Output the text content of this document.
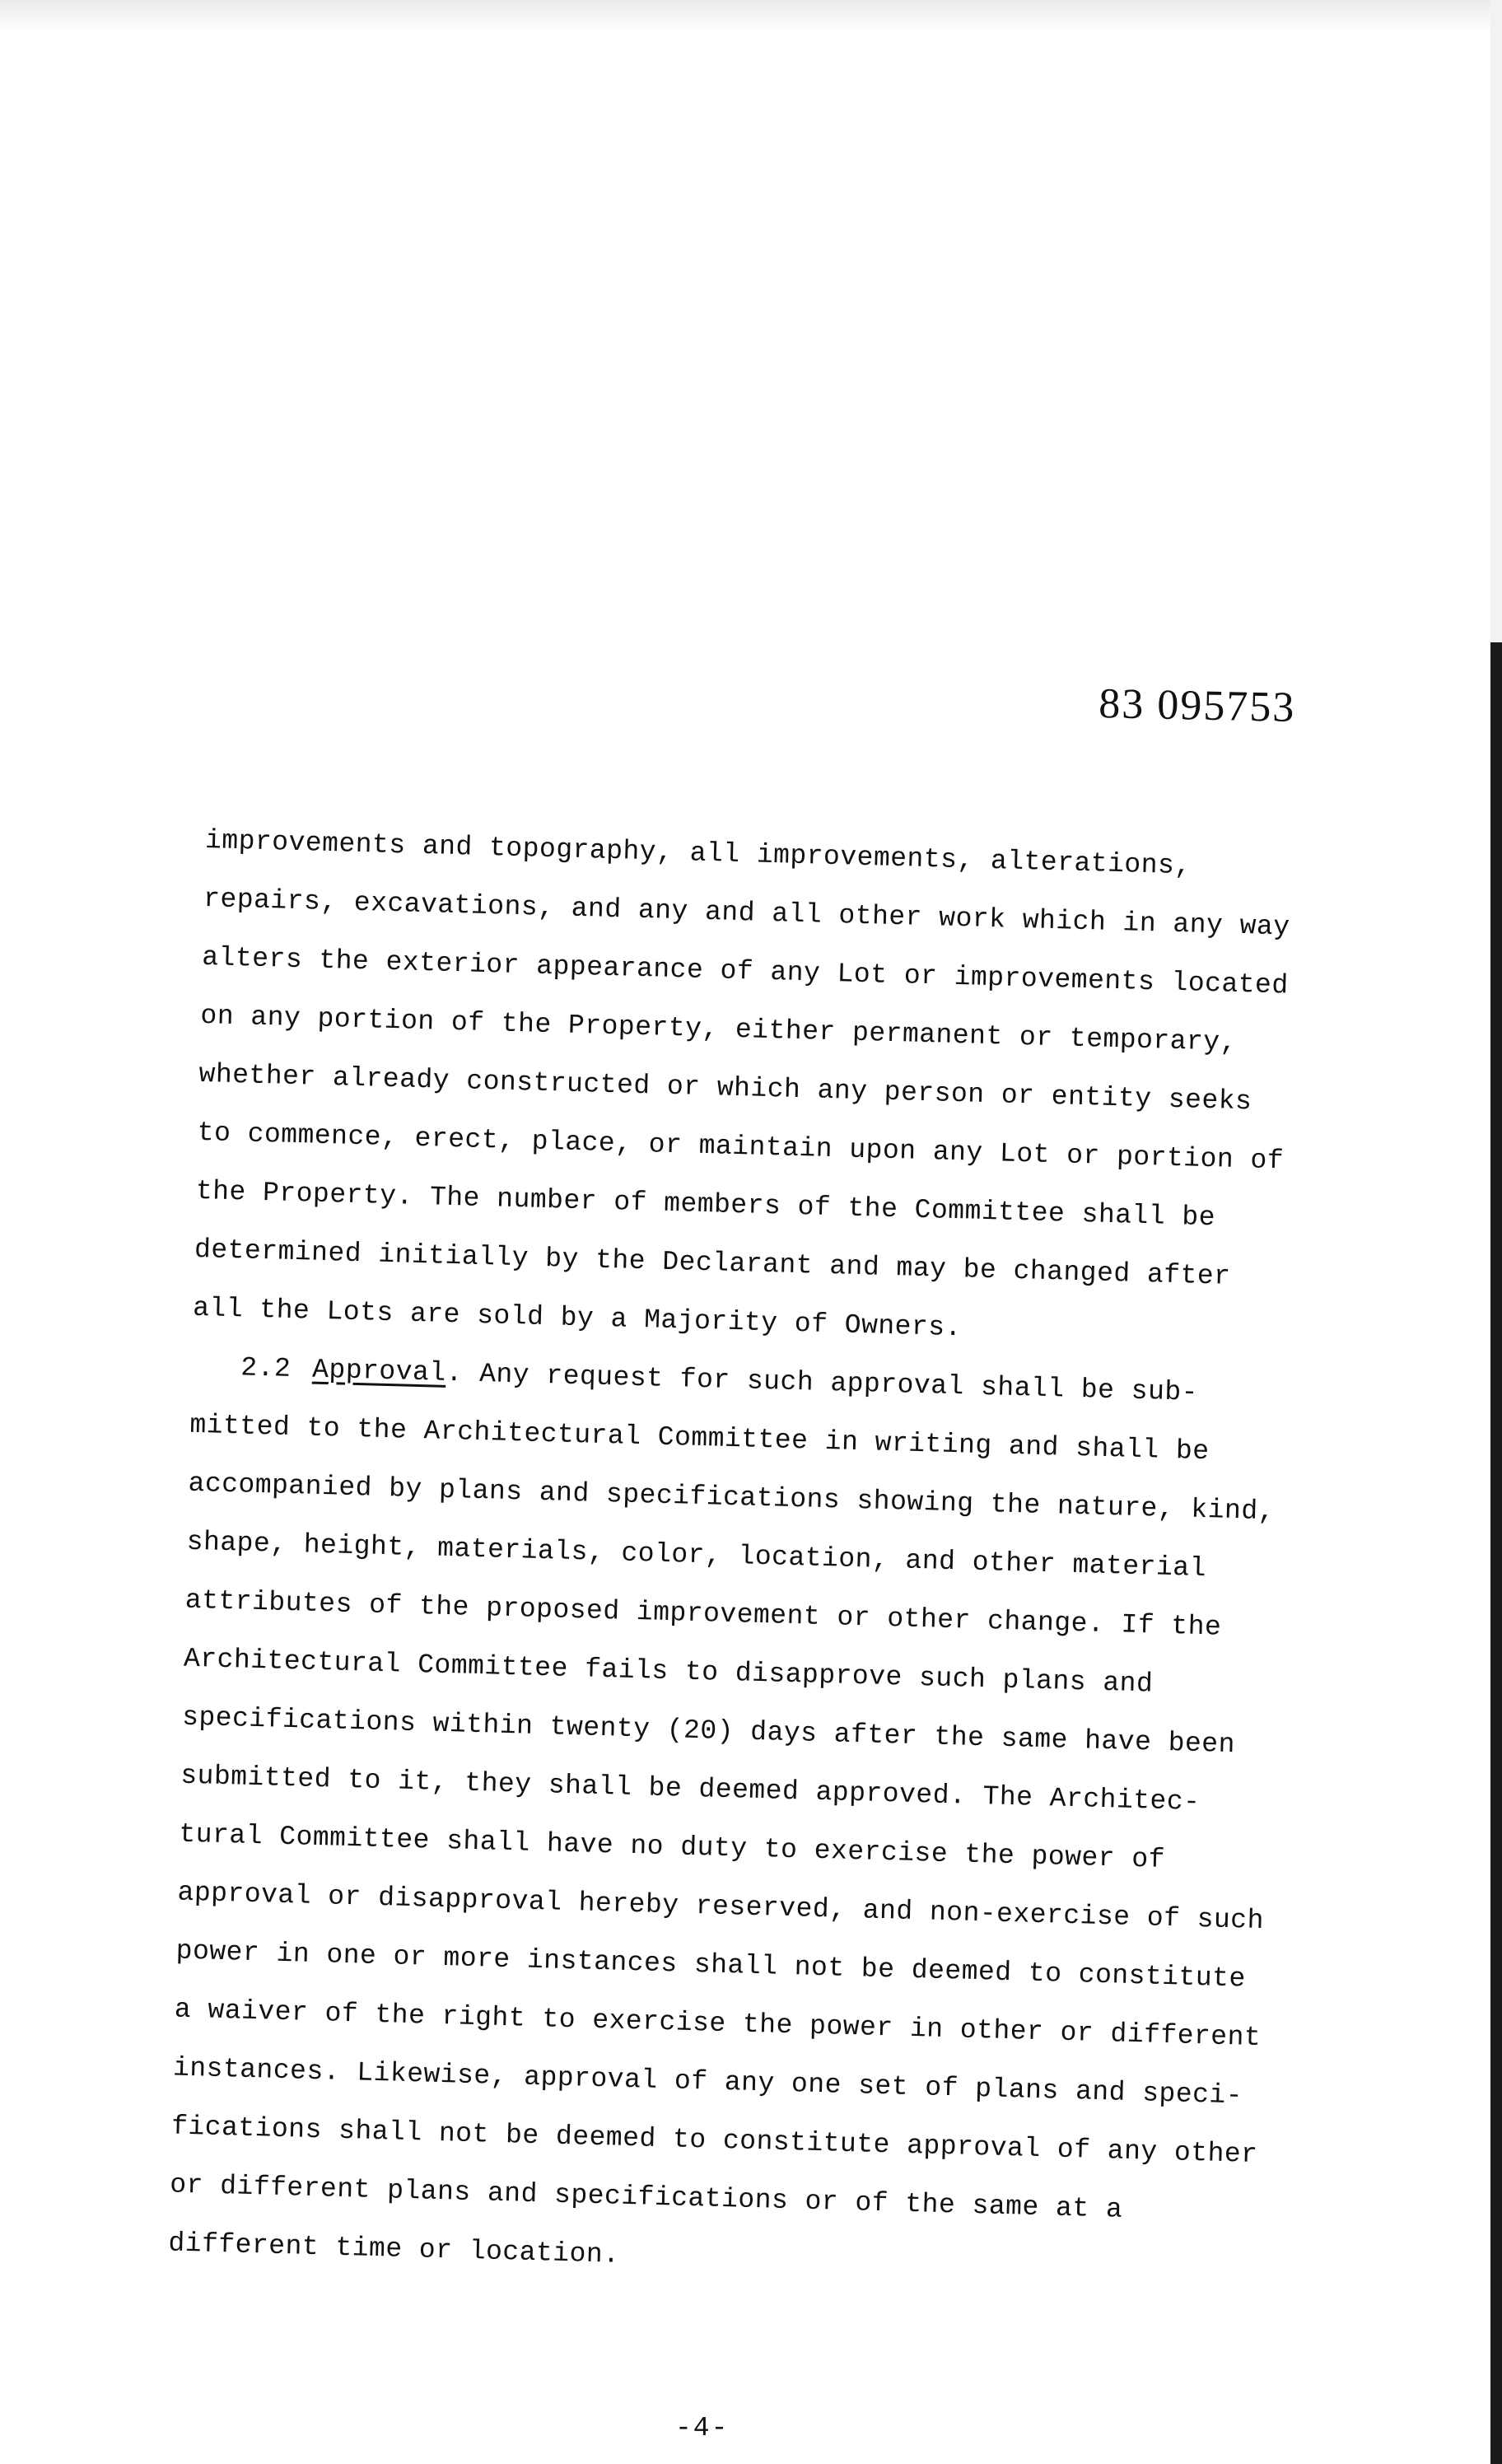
83 095753
improvements and topography, all improvements, alterations,
repairs, excavations, and any and all other work which in any way
alters the exterior appearance of any Lot or improvements located
on any portion of the Property, either permanent or temporary,
whether already constructed or which any person or entity seeks
to commence, erect, place, or maintain upon any Lot or portion of
the Property. The number of members of the Committee shall be
determined initially by the Declarant and may be changed after
all the Lots are sold by a Majority of Owners.
2.2 Approval. Any request for such approval shall be sub-
mitted to the Architectural Committee in writing and shall be
accompanied by plans and specifications showing the nature, kind,
shape, height, materials, color, location, and other material
attributes of the proposed improvement or other change. If the
Architectural Committee fails to disapprove such plans and
specifications within twenty (20) days after the same have been
submitted to it, they shall be deemed approved. The Architec-
tural Committee shall have no duty to exercise the power of
approval or disapproval hereby reserved, and non-exercise of such
power in one or more instances shall not be deemed to constitute
a waiver of the right to exercise the power in other or different
instances. Likewise, approval of any one set of plans and speci-
fications shall not be deemed to constitute approval of any other
or different plans and specifications or of the same at a
different time or location.
-4-
